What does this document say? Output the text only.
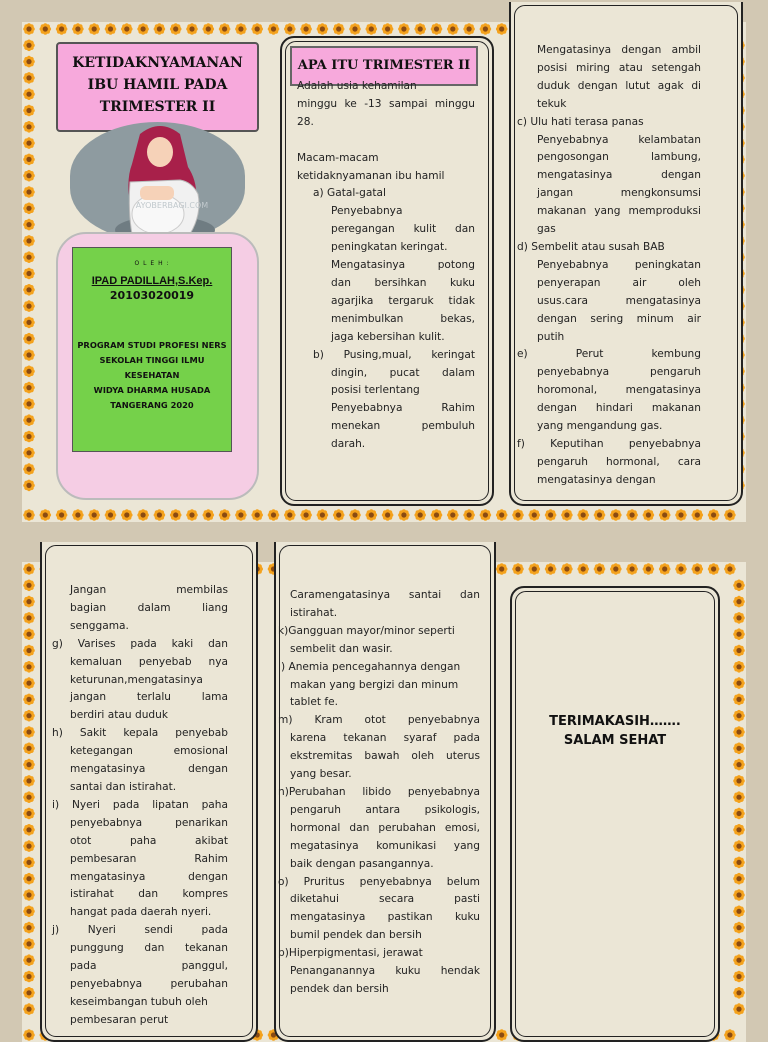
KETIDAKNYAMANAN
IBU HAMIL PADA
TRIMESTER II
AYOBERBAGI.COM
O L E H :
IPAD PADILLAH,S.Kep.
20103020019
PROGRAM STUDI PROFESI NERS
SEKOLAH TINGGI ILMU KESEHATAN
WIDYA DHARMA HUSADA
TANGERANG 2020
APA ITU TRIMESTER II

Adalah usia kehamilan

minggu ke -13 sampai minggu

28.

Macam-macam

ketidaknyamanan ibu hamil

a) Gatal-gatal

Penyebabnya

peregangan kulit dan

peningkatan keringat.

Mengatasinya potong

dan bersihkan kuku

agarjika tergaruk tidak

menimbulkan bekas,

jaga kebersihan kulit.

b) Pusing,mual, keringat

dingin, pucat dalam

posisi terlentang

Penyebabnya Rahim

menekan pembuluh

darah.

Mengatasinya dengan ambil

posisi miring atau setengah

duduk dengan lutut agak di

tekuk

c) Ulu hati terasa panas

Penyebabnya kelambatan

pengosongan lambung,

mengatasinya dengan

jangan mengkonsumsi

makanan yang memproduksi

gas

d) Sembelit atau susah BAB

Penyebabnya peningkatan

penyerapan air oleh

usus.cara mengatasinya

dengan sering minum air

putih

e) Perut kembung

penyebabnya pengaruh

horomonal, mengatasinya

dengan hindari makanan

yang mengandung gas.

f) Keputihan penyebabnya

pengaruh hormonal, cara

mengatasinya dengan

Jangan membilas

bagian dalam liang

senggama.

g) Varises pada kaki dan

kemaluan penyebab nya

keturunan,mengatasinya

jangan terlalu lama

berdiri atau duduk

h) Sakit kepala penyebab

ketegangan emosional

mengatasinya dengan

santai dan istirahat.

i) Nyeri pada lipatan paha

penyebabnya penarikan

otot paha akibat

pembesaran Rahim

mengatasinya dengan

istirahat dan kompres

hangat pada daerah nyeri.

j) Nyeri sendi pada

punggung dan tekanan

pada panggul,

penyebabnya perubahan

keseimbangan tubuh oleh

pembesaran perut

Caramengatasinya santai dan

istirahat.

k)Gangguan mayor/minor seperti

sembelit dan wasir.

l) Anemia pencegahannya dengan

makan yang bergizi dan minum

tablet fe.

m) Kram otot penyebabnya

karena tekanan syaraf pada

ekstremitas bawah oleh uterus

yang besar.

n)Perubahan libido penyebabnya

pengaruh antara psikologis,

hormonal dan perubahan emosi,

megatasinya komunikasi yang

baik dengan pasangannya.

o) Pruritus penyebabnya belum

diketahui secara pasti

mengatasinya pastikan kuku

bumil pendek dan bersih

p)Hiperpigmentasi, jerawat

Penanganannya kuku hendak

pendek dan bersih

TERIMAKASIH…….
SALAM SEHAT
